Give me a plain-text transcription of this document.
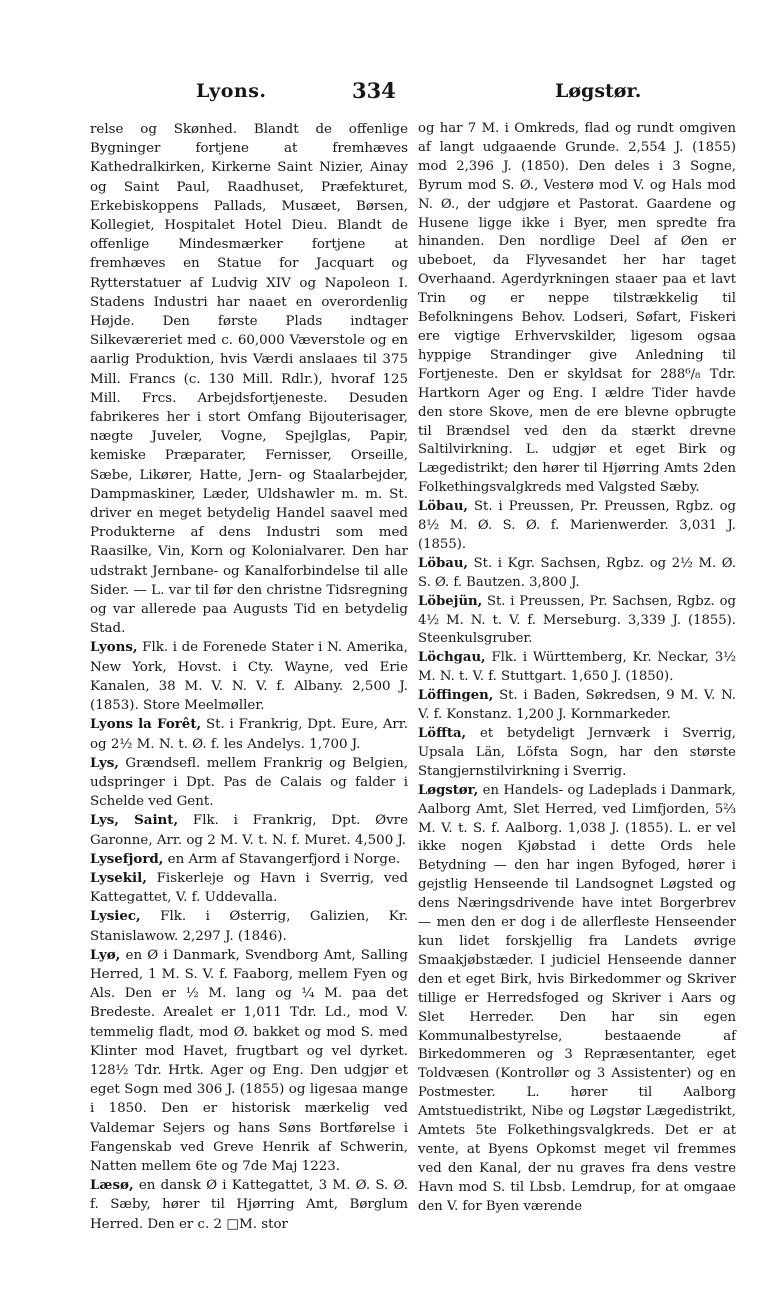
Lyons.	334	Løgstør.

relse og Skønhed. Blandt de offenlige Bygninger fortjene at fremhæves Kathedralkirken, Kirkerne Saint Nizier, Ainay og Saint Paul, Raadhuset, Præfekturet, Erkebiskoppens Pallads, Musæet, Børsen, Kollegiet, Hospitalet Hotel Dieu. Blandt de offenlige Mindesmærker fortjene at fremhæves en Statue for Jacquart og Rytterstatuer af Ludvig XIV og Napoleon I. Stadens Industri har naaet en overordenlig Højde. Den første Plads indtager Silkeværeriet med c. 60,000 Væverstole og en aarlig Produktion, hvis Værdi ansla‌aes til 375 Mill. Francs (c. 130 Mill. Rdlr.), hvoraf 125 Mill. Frcs. Arbejdsfortjeneste. Desuden fabrikeres her i stort Omfang Bijouterisager, nægte Juveler, Vogne, Spejlglas, Papir, kemiske Præparater, Fernisser, Orseille, Sæbe, Likører, Hatte, Jern- og Staalarbejder, Dampmaskiner, Læder, Uldshawler m. m. St. driver en meget betydelig Handel saavel med Produkterne af dens Industri som med Raasilke, Vin, Korn og Kolonialvarer. Den har udstrakt Jernbane- og Kanalforbindelse til alle Sider. — L. var til før den christne Tidsregning og var allerede paa Augusts Tid en betydelig Stad.

Lyons, Flk. i de Forenede Stater i N. Amerika, New York, Hovst. i Cty. Wayne, ved Erie Kanalen, 38 M. V. N. V. f. Albany. 2,500 J. (1853). Store Meelmøller.

Lyons la Forêt, St. i Frankrig, Dpt. Eure, Arr. og 2½ M. N. t. Ø. f. les Andelys. 1,700 J.

Lys, Grændsefl. mellem Frankrig og Belgien, udspringer i Dpt. Pas de Calais og falder i Schelde ved Gent.

Lys, Saint, Flk. i Frankrig, Dpt. Øvre Garonne, Arr. og 2 M. V. t. N. f. Muret. 4,500 J.

Lysefjord, en Arm af Stavangerfjord i Norge.

Lysekil, Fiskerleje og Havn i Sverrig, ved Kattegattet, V. f. Uddevalla.

Lysiec, Flk. i Østerrig, Galizien, Kr. Stanislawow. 2,297 J. (1846).

Lyø, en Ø i Danmark, Svendborg Amt, Salling Herred, 1 M. S. V. f. Faaborg, mellem Fyen og Als. Den er ½ M. lang og ¼ M. paa det Bredeste. Arealet er 1,011 Tdr. Ld., mod V. temmelig fladt, mod Ø. bakket og mod S. med Klinter mod Havet, frugtbart og vel dyrket. 128½ Tdr. Hrtk. Ager og Eng. Den udgjør et eget Sogn med 306 J. (1855) og ligesaa mange i 1850. Den er historisk mærkelig ved Valdemar Sejers og hans Søns Bortførelse i Fangenskab ved Greve Henrik af Schwerin, Natten mellem 6te og 7de Maj 1223.

Læsø, en dansk Ø i Kattegattet, 3 M. Ø. S. Ø. f. Sæby, hører til Hjørring Amt, Børglum Herred. Den er c. 2 □M. stor

og har 7 M. i Omkreds, flad og rundt omgiven af langt udgaaende Grunde. 2,554 J. (1855) mod 2,396 J. (1850). Den deles i 3 Sogne, Byrum mod S. Ø., Vesterø mod V. og Hals mod N. Ø., der udgjøre et Pastorat. Gaardene og Husene ligge ikke i Byer, men spredte fra hinanden. Den nordlige Deel af Øen er ubeboet, da Flyvesandet her har taget Overhaand. Agerdyrkningen staaer paa et lavt Trin og er neppe tilstrækkelig til Befolkningens Behov. Lodseri, Søfart, Fiskeri ere vigtige Erhvervskilder, ligesom ogsaa hyppige Strandinger give Anledning til Fortjeneste. Den er skyldsat for 288⁶/₈ Tdr. Hartkorn Ager og Eng. I ældre Tider havde den store Skove, men de ere blevne opbrugte til Brændsel ved den da stærkt drevne Saltilvirkning. L. udgjør et eget Birk og Lægedistrikt; den hører til Hjørring Amts 2den Folkethingsvalgkreds med Valgsted Sæby.

Löbau, St. i Preussen, Pr. Preussen, Rgbz. og 8½ M. Ø. S. Ø. f. Marienwerder. 3,031 J. (1855).

Löbau, St. i Kgr. Sachsen, Rgbz. og 2½ M. Ø. S. Ø. f. Bautzen. 3,800 J.

Löbejün, St. i Preussen, Pr. Sachsen, Rgbz. og 4½ M. N. t. V. f. Merseburg. 3,339 J. (1855). Steenkulsgruber.

Löchgau, Flk. i Württemberg, Kr. Neckar, 3½ M. N. t. V. f. Stuttgart. 1,650 J. (1850).

Löffingen, St. i Baden, Søkredsen, 9 M. V. N. V. f. Konstanz. 1,200 J. Kornmarkeder.

Löffta, et betydeligt Jernværk i Sverrig, Upsala Län, Löfsta Sogn, har den største Stangjernstilvirkning i Sverrig.

Løgstør, en Handels- og Ladeplads i Danmark, Aalborg Amt, Slet Herred, ved Limfjorden, 5⅔ M. V. t. S. f. Aalborg. 1,038 J. (1855). L. er vel ikke nogen Kjøbstad i dette Ords hele Betydning — den har ingen Byfoged, hører i gejstlig Henseende til Landsognet Løgsted og dens Næringsdrivende have intet Borgerbrev — men den er dog i de allerfleste Henseender kun lidet forskjellig fra Landets øvrige Smaakjøbstæder. I judiciel Henseende danner den et eget Birk, hvis Birkedommer og Skriver tillige er Herredsfoged og Skriver i Aars og Slet Herreder. Den har sin egen Kommunalbestyrelse, bestaaende af Birkedommeren og 3 Repræsentanter, eget Toldvæsen (Kontrollør og 3 Assistenter) og en Postmester. L. hører til Aalborg Amtstuedistrikt, Nibe og Løgstør Lægedistrikt, Amtets 5te Folkethingsvalgkreds. Det er at vente, at Byens Opkomst meget vil fremmes ved den Kanal, der nu graves fra dens vestre Havn mod S. til Lbsb. Lemdrup, for at omgaae den V. for Byen værende
